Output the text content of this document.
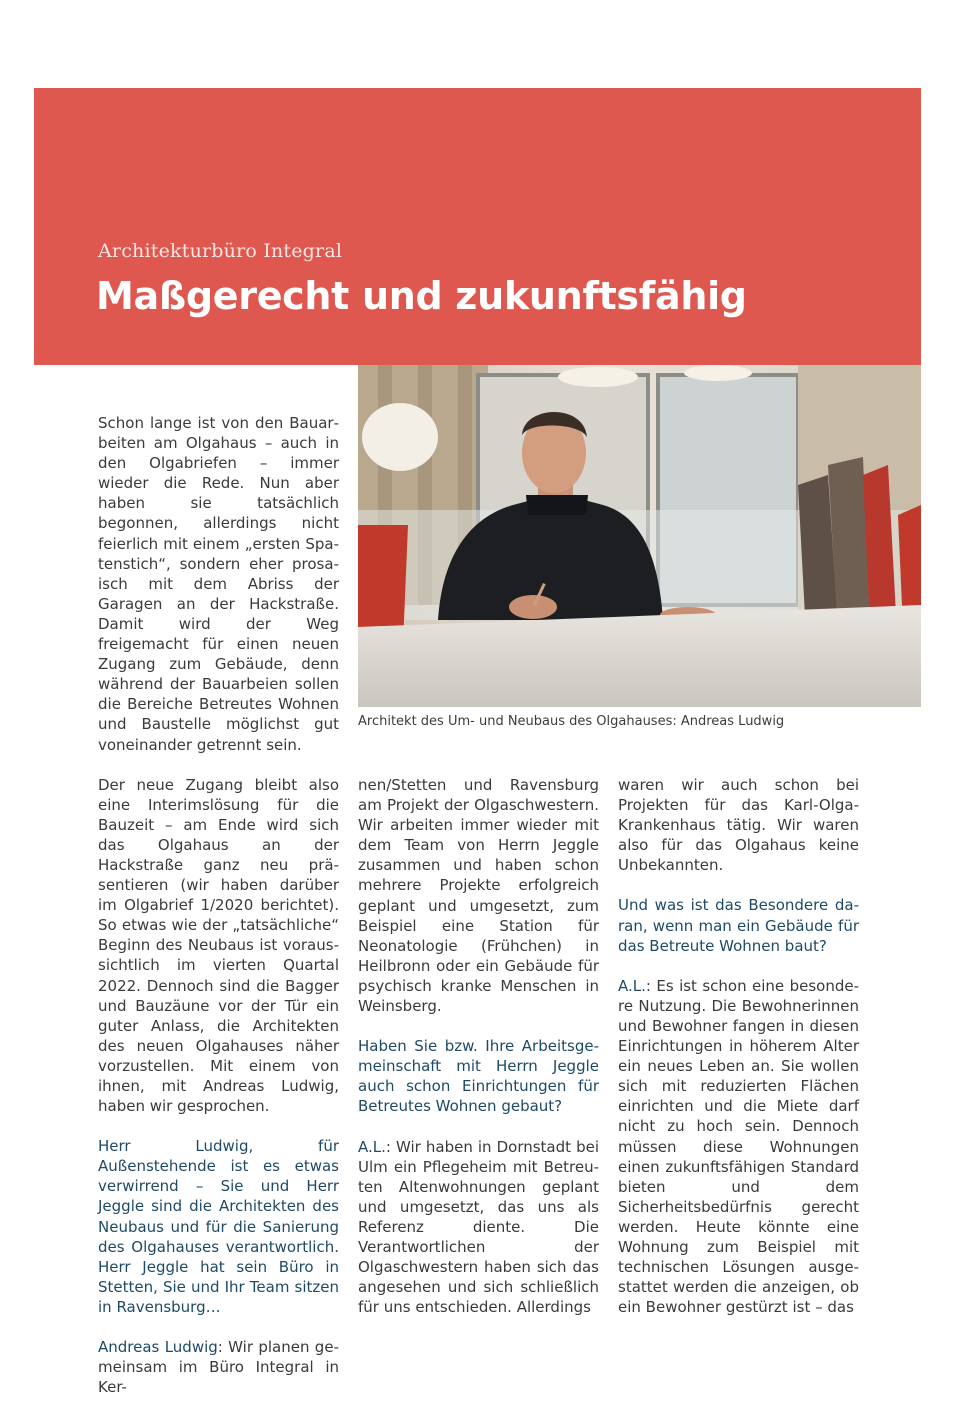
Architekturbüro Integral
Maßgerecht und zukunftsfähig
Architekt des Um- und Neubaus des Olgahauses: Andreas Ludwig

Schon lange ist von den Bauarbeiten am Olgahaus – auch in den Olgabriefen – immer wieder die Rede. Nun aber haben sie tatsächlich begonnen, allerdings nicht feierlich mit einem „ersten Spatenstich“, sondern eher prosaisch mit dem Abriss der Garagen an der Hackstraße. Damit wird der Weg freigemacht für einen neuen Zugang zum Gebäude, denn während der Bauarbeien sollen die Bereiche Betreutes Wohnen und Baustelle möglichst gut voneinander getrennt sein.

Der neue Zugang bleibt also eine Interimslösung für die Bauzeit – am Ende wird sich das Olgahaus an der Hackstraße ganz neu präsentieren (wir haben darüber im Olgabrief 1/2020 berichtet). So etwas wie der „tatsächliche“ Beginn des Neubaus ist voraussichtlich im vierten Quartal 2022. Dennoch sind die Bagger und Bauzäune vor der Tür ein guter Anlass, die Architekten des neuen Olgahauses näher vorzustellen. Mit einem von ihnen, mit Andreas Ludwig, haben wir gesprochen.

Herr Ludwig, für Außenstehende ist es etwas verwirrend – Sie und Herr Jeggle sind die Architekten des Neubaus und für die Sanierung des Olgahauses verantwortlich. Herr Jeggle hat sein Büro in Stetten, Sie und Ihr Team sitzen in Ravensburg…

Andreas Ludwig: Wir planen gemeinsam im Büro Integral in Ker-

nen/Stetten und Ravensburg am Projekt der Olgaschwestern. Wir arbeiten immer wieder mit dem Team von Herrn Jeggle zusammen und haben schon mehrere Projekte erfolgreich geplant und umgesetzt, zum Beispiel eine Station für Neonatologie (Frühchen) in Heilbronn oder ein Gebäude für psychisch kranke Menschen in Weinsberg.

Haben Sie bzw. Ihre Arbeitsgemeinschaft mit Herrn Jeggle auch schon Einrichtungen für Betreutes Wohnen gebaut?

A.L.: Wir haben in Dornstadt bei Ulm ein Pflegeheim mit Betreuten Altenwohnungen geplant und umgesetzt, das uns als Referenz diente. Die Verantwortlichen der Olgaschwestern haben sich das angesehen und sich schließlich für uns entschieden. Allerdings

waren wir auch schon bei Projekten für das Karl-Olga-Krankenhaus tätig. Wir waren also für das Olgahaus keine Unbekannten.

Und was ist das Besondere daran, wenn man ein Gebäude für das Betreute Wohnen baut?

A.L.: Es ist schon eine besondere Nutzung. Die Bewohnerinnen und Bewohner fangen in diesen Einrichtungen in höherem Alter ein neues Leben an. Sie wollen sich mit reduzierten Flächen einrichten und die Miete darf nicht zu hoch sein. Dennoch müssen diese Wohnungen einen zukunftsfähigen Standard bieten und dem Sicherheitsbedürfnis gerecht werden. Heute könnte eine Wohnung zum Beispiel mit technischen Lösungen ausgestattet werden die anzeigen, ob ein Bewohner gestürzt ist – das
